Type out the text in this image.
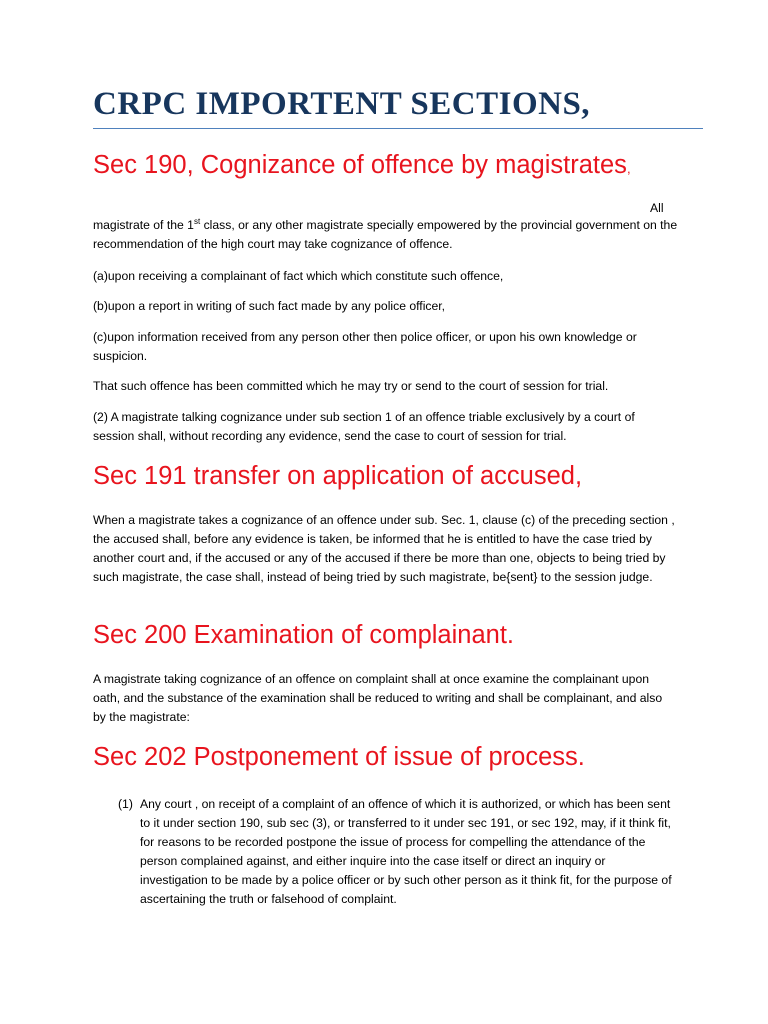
CRPC IMPORTENT SECTIONS,
Sec 190, Cognizance of offence by magistrates,
All

magistrate of the 1st class, or any other magistrate specially empowered by the provincial government on the recommendation of the high court may take cognizance of offence.

(a)upon receiving a complainant of fact which which constitute such offence,

(b)upon a report in writing of such fact made by any police officer,

(c)upon information received from any person other then police officer, or upon his own knowledge or suspicion.

That such offence has been committed which he may try or send to the court of session for trial.

(2) A magistrate talking cognizance under sub section 1 of an offence triable exclusively by a court of session shall, without recording any evidence, send the case to court of session for trial.

Sec 191 transfer on application of accused,

When a magistrate takes a cognizance of an offence under sub. Sec. 1, clause (c) of the preceding section , the accused shall, before any evidence is taken, be informed that he is entitled to have the case tried by another court and, if the accused or any of the accused if there be more than one, objects to being tried by such magistrate, the case shall, instead of being tried by such magistrate, be{sent} to the session judge.

Sec 200 Examination of complainant.

A magistrate taking cognizance of an offence on complaint shall at once examine the complainant upon oath, and the substance of the examination shall be reduced to writing and shall be complainant, and also by the magistrate:

Sec 202 Postponement of issue of process.
(1) Any court , on receipt of a complaint of an offence of which it is authorized, or which has been sent to it under section 190, sub sec (3), or transferred to it under sec 191, or sec 192, may, if it think fit, for reasons to be recorded postpone the issue of process for compelling the attendance of the person complained against, and either inquire into the case itself or direct an inquiry or investigation to be made by a police officer or by such other person as it think fit, for the purpose of ascertaining the truth or falsehood of complaint.
